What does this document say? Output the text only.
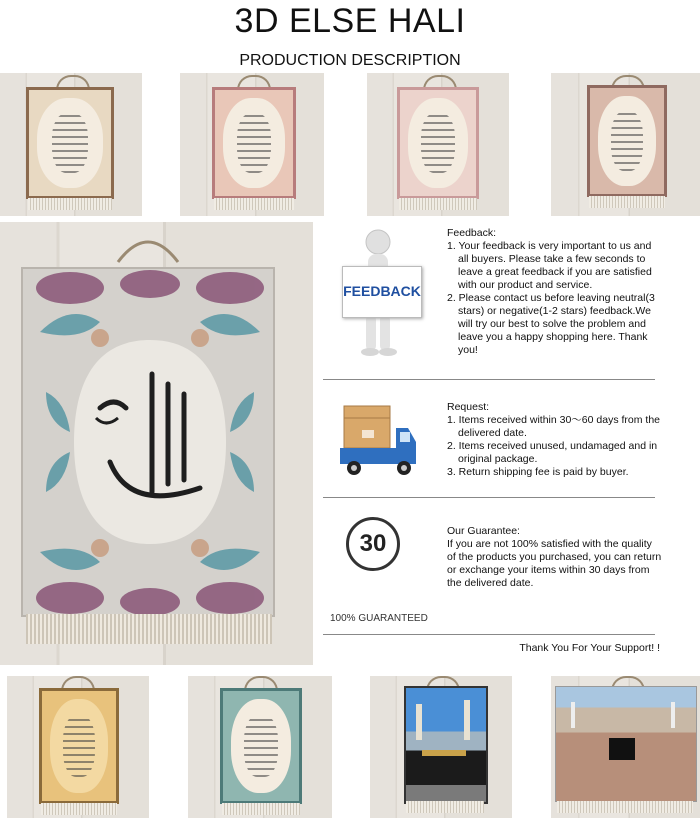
3D ELSE HALI
PRODUCTION DESCRIPTION
FEEDBACK
Feedback:
1. Your feedback is very important to us and all buyers. Please take a few seconds to leave a great feedback if you are satisfied with our product and service.
2. Please contact us before leaving neutral(3 stars) or negative(1-2 stars) feedback.We will try our best to solve the problem and leave you a happy shopping here. Thank you!
Request:
1. Items received within 30～60 days from the delivered date.
2. Items received unused, undamaged and in original package.
3. Return shipping fee is paid by buyer.
30
100% GUARANTEED
Our Guarantee:
If you are not 100% satisfied with the quality of the products you purchased, you can return or exchange your items within 30 days from the delivered date.
Thank You For Your Support! !
